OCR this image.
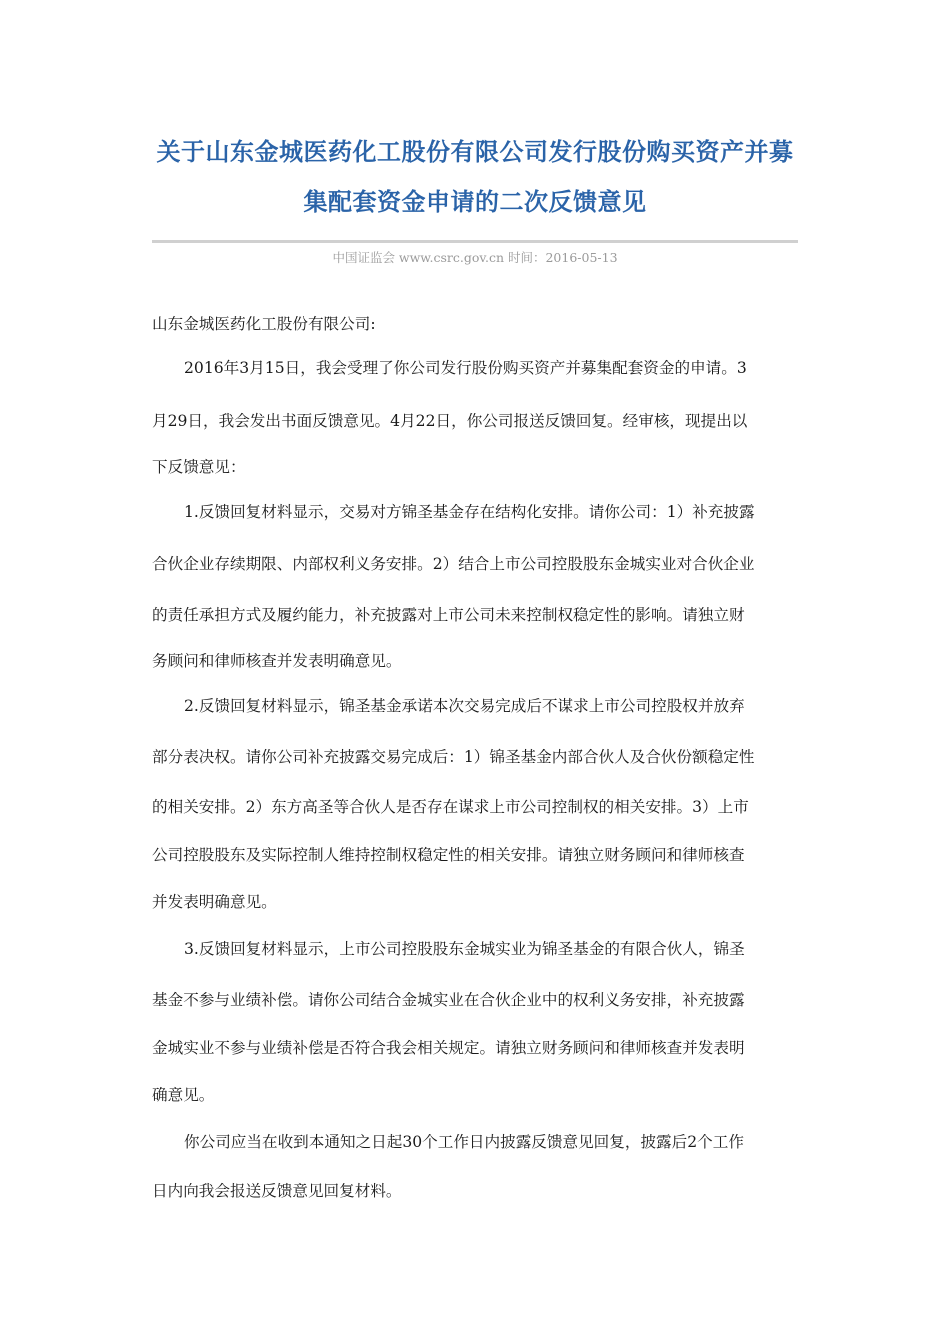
关于山东金城医药化工股份有限公司发行股份购买资产并募
集配套资金申请的二次反馈意见
中国证监会 www.csrc.gov.cn 时间：2016-05-13
山东金城医药化工股份有限公司:
2016年3月15日，我会受理了你公司发行股份购买资产并募集配套资金的申请。3
月29日，我会发出书面反馈意见。4月22日，你公司报送反馈回复。经审核，现提出以
下反馈意见：
1.反馈回复材料显示，交易对方锦圣基金存在结构化安排。请你公司：1）补充披露
合伙企业存续期限、内部权利义务安排。2）结合上市公司控股股东金城实业对合伙企业
的责任承担方式及履约能力，补充披露对上市公司未来控制权稳定性的影响。请独立财
务顾问和律师核查并发表明确意见。
2.反馈回复材料显示，锦圣基金承诺本次交易完成后不谋求上市公司控股权并放弃
部分表决权。请你公司补充披露交易完成后：1）锦圣基金内部合伙人及合伙份额稳定性
的相关安排。2）东方高圣等合伙人是否存在谋求上市公司控制权的相关安排。3）上市
公司控股股东及实际控制人维持控制权稳定性的相关安排。请独立财务顾问和律师核查
并发表明确意见。
3.反馈回复材料显示，上市公司控股股东金城实业为锦圣基金的有限合伙人，锦圣
基金不参与业绩补偿。请你公司结合金城实业在合伙企业中的权利义务安排，补充披露
金城实业不参与业绩补偿是否符合我会相关规定。请独立财务顾问和律师核查并发表明
确意见。
你公司应当在收到本通知之日起30个工作日内披露反馈意见回复，披露后2个工作
日内向我会报送反馈意见回复材料。
